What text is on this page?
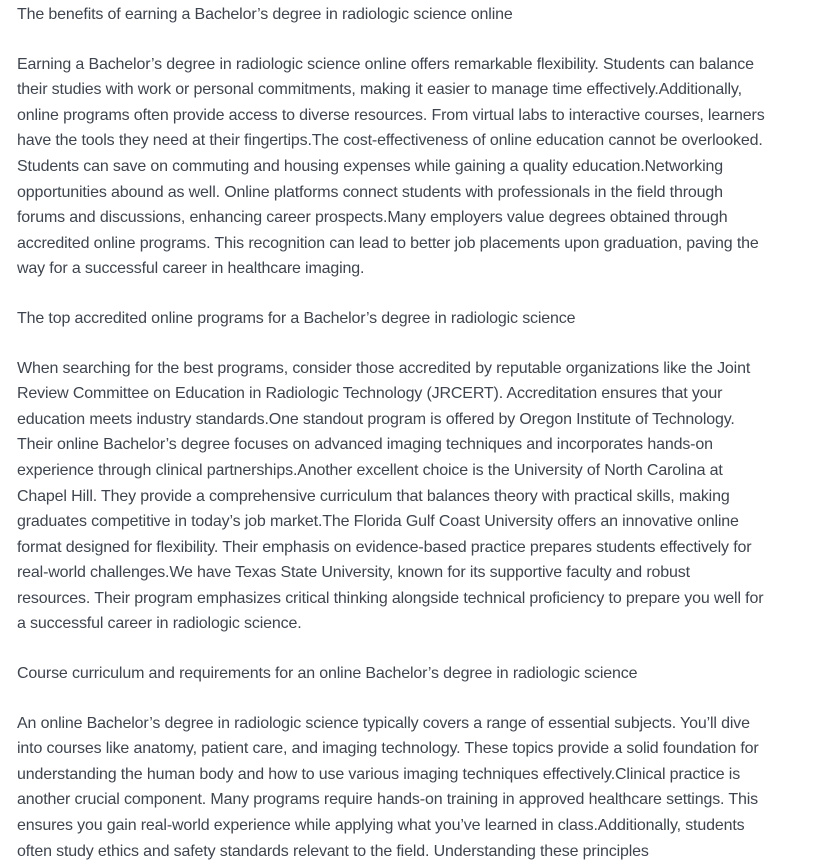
The benefits of earning a Bachelor’s degree in radiologic science online

Earning a Bachelor’s degree in radiologic science online offers remarkable flexibility. Students can balance their studies with work or personal commitments, making it easier to manage time effectively.Additionally, online programs often provide access to diverse resources. From virtual labs to interactive courses, learners have the tools they need at their fingertips.The cost-effectiveness of online education cannot be overlooked. Students can save on commuting and housing expenses while gaining a quality education.Networking opportunities abound as well. Online platforms connect students with professionals in the field through forums and discussions, enhancing career prospects.Many employers value degrees obtained through accredited online programs. This recognition can lead to better job placements upon graduation, paving the way for a successful career in healthcare imaging.

The top accredited online programs for a Bachelor’s degree in radiologic science

When searching for the best programs, consider those accredited by reputable organizations like the Joint Review Committee on Education in Radiologic Technology (JRCERT). Accreditation ensures that your education meets industry standards.One standout program is offered by Oregon Institute of Technology. Their online Bachelor’s degree focuses on advanced imaging techniques and incorporates hands-on experience through clinical partnerships.Another excellent choice is the University of North Carolina at Chapel Hill. They provide a comprehensive curriculum that balances theory with practical skills, making graduates competitive in today’s job market.The Florida Gulf Coast University offers an innovative online format designed for flexibility. Their emphasis on evidence-based practice prepares students effectively for real-world challenges.We have Texas State University, known for its supportive faculty and robust resources. Their program emphasizes critical thinking alongside technical proficiency to prepare you well for a successful career in radiologic science.

Course curriculum and requirements for an online Bachelor’s degree in radiologic science

An online Bachelor’s degree in radiologic science typically covers a range of essential subjects. You’ll dive into courses like anatomy, patient care, and imaging technology. These topics provide a solid foundation for understanding the human body and how to use various imaging techniques effectively.Clinical practice is another crucial component. Many programs require hands-on training in approved healthcare settings. This ensures you gain real-world experience while applying what you’ve learned in class.Additionally, students often study ethics and safety standards relevant to the field. Understanding these principles
